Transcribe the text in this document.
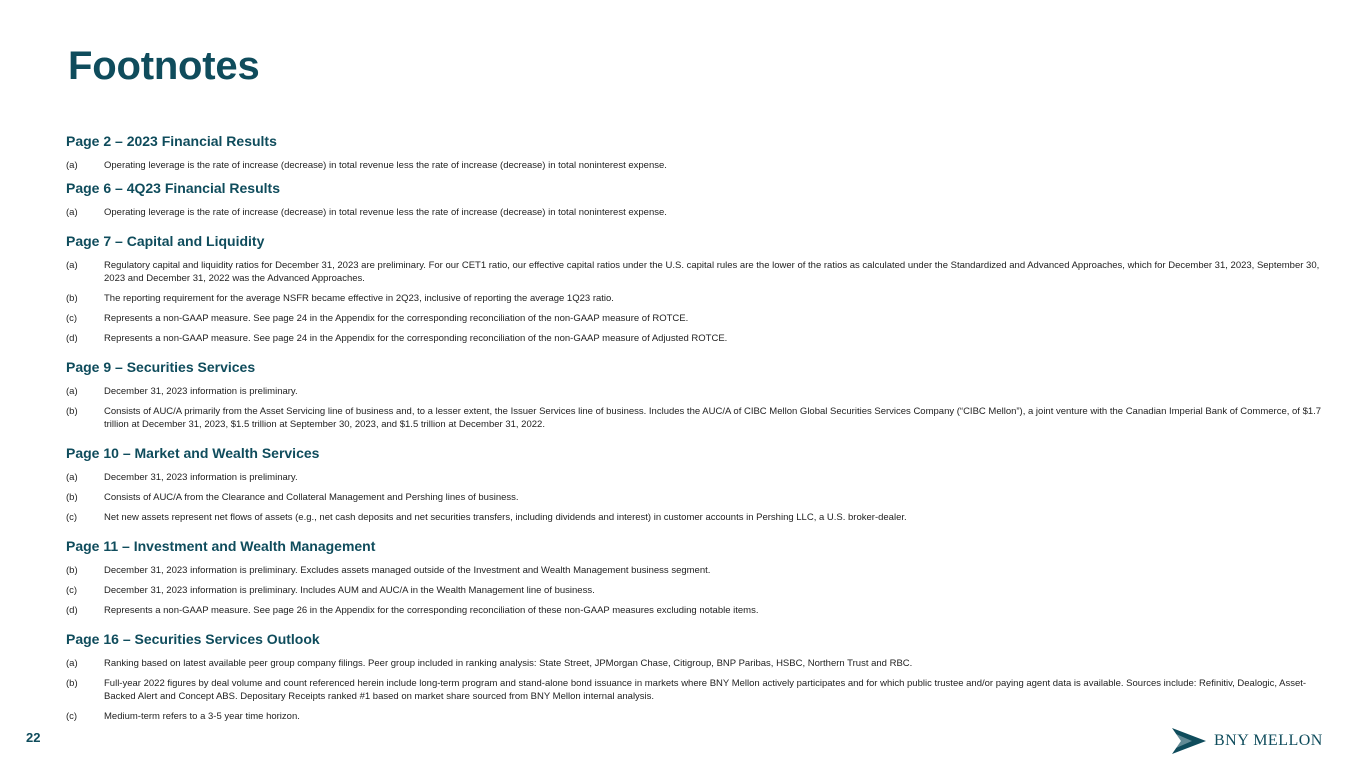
Footnotes
Page 2 – 2023 Financial Results
(a)	Operating leverage is the rate of increase (decrease) in total revenue less the rate of increase (decrease) in total noninterest expense.
Page 6 – 4Q23 Financial Results
(a)	Operating leverage is the rate of increase (decrease) in total revenue less the rate of increase (decrease) in total noninterest expense.
Page 7 – Capital and Liquidity
(a)	Regulatory capital and liquidity ratios for December 31, 2023 are preliminary. For our CET1 ratio, our effective capital ratios under the U.S. capital rules are the lower of the ratios as calculated under the Standardized and Advanced Approaches, which for December 31, 2023, September 30, 2023 and December 31, 2022 was the Advanced Approaches.
(b)	The reporting requirement for the average NSFR became effective in 2Q23, inclusive of reporting the average 1Q23 ratio.
(c)	Represents a non-GAAP measure. See page 24 in the Appendix for the corresponding reconciliation of the non-GAAP measure of ROTCE.
(d)	Represents a non-GAAP measure. See page 24 in the Appendix for the corresponding reconciliation of the non-GAAP measure of Adjusted ROTCE.
Page 9 – Securities Services
(a)	December 31, 2023 information is preliminary.
(b)	Consists of AUC/A primarily from the Asset Servicing line of business and, to a lesser extent, the Issuer Services line of business. Includes the AUC/A of CIBC Mellon Global Securities Services Company (“CIBC Mellon”), a joint venture with the Canadian Imperial Bank of Commerce, of $1.7 trillion at December 31, 2023, $1.5 trillion at September 30, 2023, and $1.5 trillion at December 31, 2022.
Page 10 – Market and Wealth Services
(a)	December 31, 2023 information is preliminary.
(b)	Consists of AUC/A from the Clearance and Collateral Management and Pershing lines of business.
(c)	Net new assets represent net flows of assets (e.g., net cash deposits and net securities transfers, including dividends and interest) in customer accounts in Pershing LLC, a U.S. broker-dealer.
Page 11 – Investment and Wealth Management
(b)	December 31, 2023 information is preliminary. Excludes assets managed outside of the Investment and Wealth Management business segment.
(c)	December 31, 2023 information is preliminary. Includes AUM and AUC/A in the Wealth Management line of business.
(d)	Represents a non-GAAP measure. See page 26 in the Appendix for the corresponding reconciliation of these non-GAAP measures excluding notable items.
Page 16 – Securities Services Outlook
(a)	Ranking based on latest available peer group company filings. Peer group included in ranking analysis: State Street, JPMorgan Chase, Citigroup, BNP Paribas, HSBC, Northern Trust and RBC.
(b)	Full-year 2022 figures by deal volume and count referenced herein include long-term program and stand-alone bond issuance in markets where BNY Mellon actively participates and for which public trustee and/or paying agent data is available. Sources include: Refinitiv, Dealogic, Asset-Backed Alert and Concept ABS. Depositary Receipts ranked #1 based on market share sourced from BNY Mellon internal analysis.
(c)	Medium-term refers to a 3-5 year time horizon.
22	BNY MELLON
